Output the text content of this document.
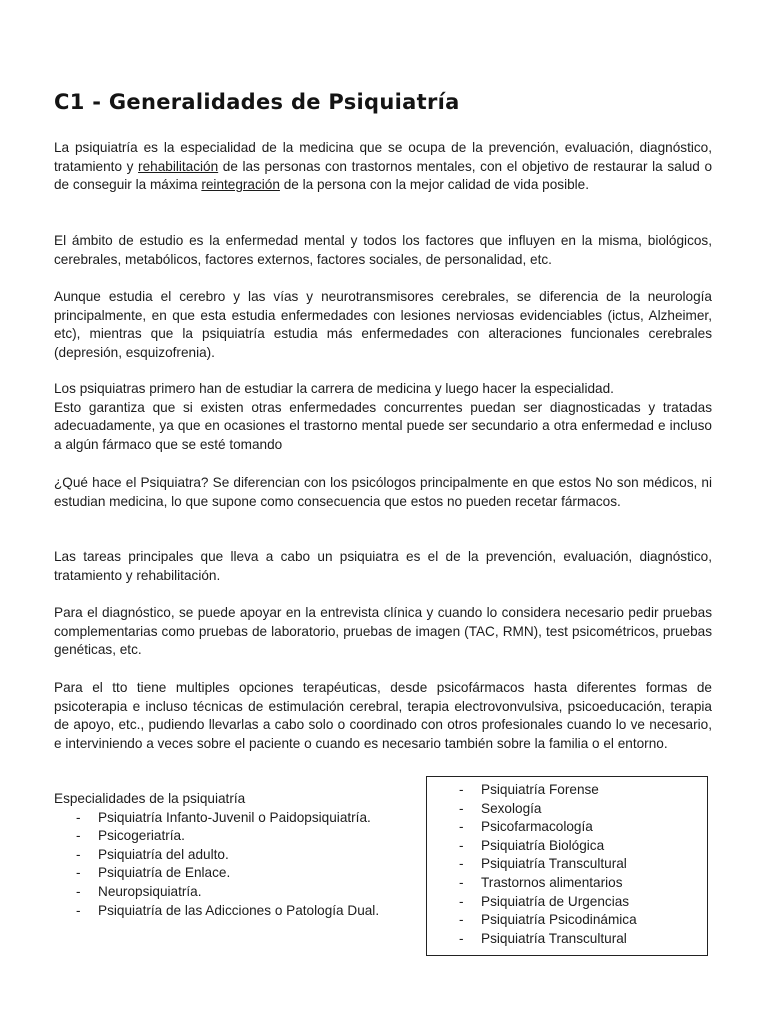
C1 - Generalidades de Psiquiatría

La psiquiatría es la especialidad de la medicina que se ocupa de la prevención, evaluación, diagnóstico, tratamiento y rehabilitación de las personas con trastornos mentales, con el objetivo de restaurar la salud o de conseguir la máxima reintegración de la persona con la mejor calidad de vida posible.

El ámbito de estudio es la enfermedad mental y todos los factores que influyen en la misma, biológicos, cerebrales, metabólicos, factores externos, factores sociales, de personalidad, etc.

Aunque estudia el cerebro y las vías y neurotransmisores cerebrales, se diferencia de la neurología principalmente, en que esta estudia enfermedades con lesiones nerviosas evidenciables (ictus, Alzheimer, etc), mientras que la psiquiatría estudia más enfermedades con alteraciones funcionales cerebrales (depresión, esquizofrenia).

Los psiquiatras primero han de estudiar la carrera de medicina y luego hacer la especialidad.
Esto garantiza que si existen otras enfermedades concurrentes puedan ser diagnosticadas y tratadas adecuadamente, ya que en ocasiones el trastorno mental puede ser secundario a otra enfermedad e incluso a algún fármaco que se esté tomando

¿Qué hace el Psiquiatra? Se diferencian con los psicólogos principalmente en que estos No son médicos, ni estudian medicina, lo que supone como consecuencia que estos no pueden recetar fármacos.

Las tareas principales que lleva a cabo un psiquiatra es el de la prevención, evaluación, diagnóstico, tratamiento y rehabilitación.

Para el diagnóstico, se puede apoyar en la entrevista clínica y cuando lo considera necesario pedir pruebas complementarias como pruebas de laboratorio, pruebas de imagen (TAC, RMN), test psicométricos, pruebas genéticas, etc.

Para el tto tiene multiples opciones terapéuticas, desde psicofármacos hasta diferentes formas de psicoterapia e incluso técnicas de estimulación cerebral, terapia electrovonvulsiva, psicoeducación, terapia de apoyo, etc., pudiendo llevarlas a cabo solo o coordinado con otros profesionales cuando lo ve necesario, e interviniendo a veces sobre el paciente o cuando es necesario también sobre la familia o el entorno.

Especialidades de la psiquiatría

- Psiquiatría Infanto-Juvenil o Paidopsiquiatría.
- Psicogeriatría.
- Psiquiatría del adulto.
- Psiquiatría de Enlace.
- Neuropsiquiatría.
- Psiquiatría de las Adicciones o Patología Dual.
- Psiquiatría Forense
- Sexología
- Psicofarmacología
- Psiquiatría Biológica
- Psiquiatría Transcultural
- Trastornos alimentarios
- Psiquiatría de Urgencias
- Psiquiatría Psicodinámica
- Psiquiatría Transcultural
